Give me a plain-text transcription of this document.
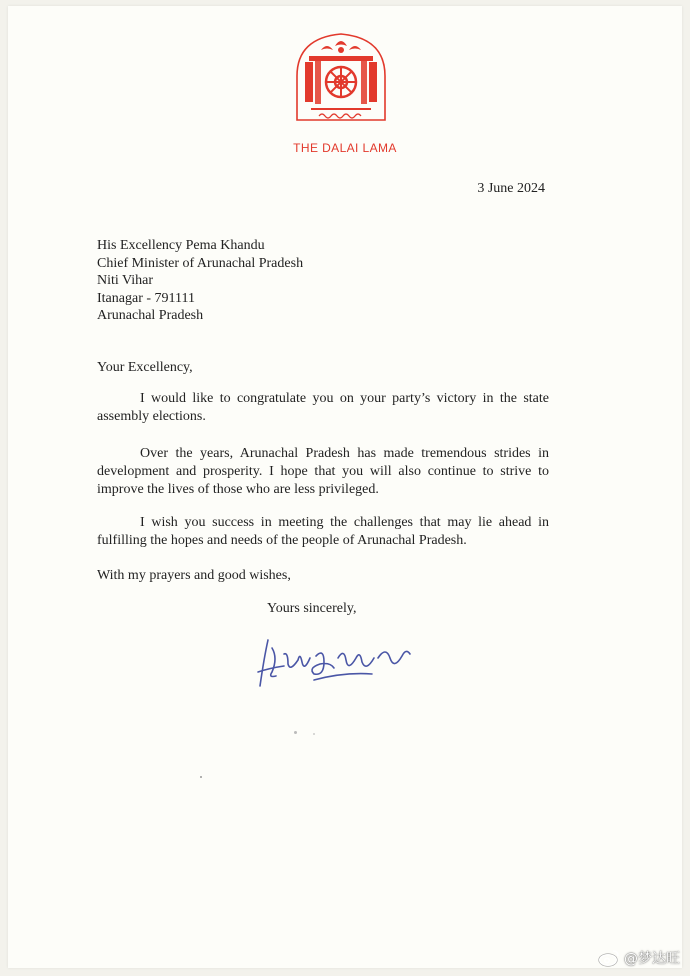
THE DALAI LAMA
3 June 2024
His Excellency Pema Khandu
Chief Minister of Arunachal Pradesh
Niti Vihar
Itanagar - 791111
Arunachal Pradesh
Your Excellency,
I would like to congratulate you on your party’s victory in the state assembly elections.
Over the years, Arunachal Pradesh has made tremendous strides in development and prosperity. I hope that you will also continue to strive to improve the lives of those who are less privileged.
I wish you success in meeting the challenges that may lie ahead in fulfilling the hopes and needs of the people of Arunachal Pradesh.
With my prayers and good wishes,
Yours sincerely,
@梦达旺
